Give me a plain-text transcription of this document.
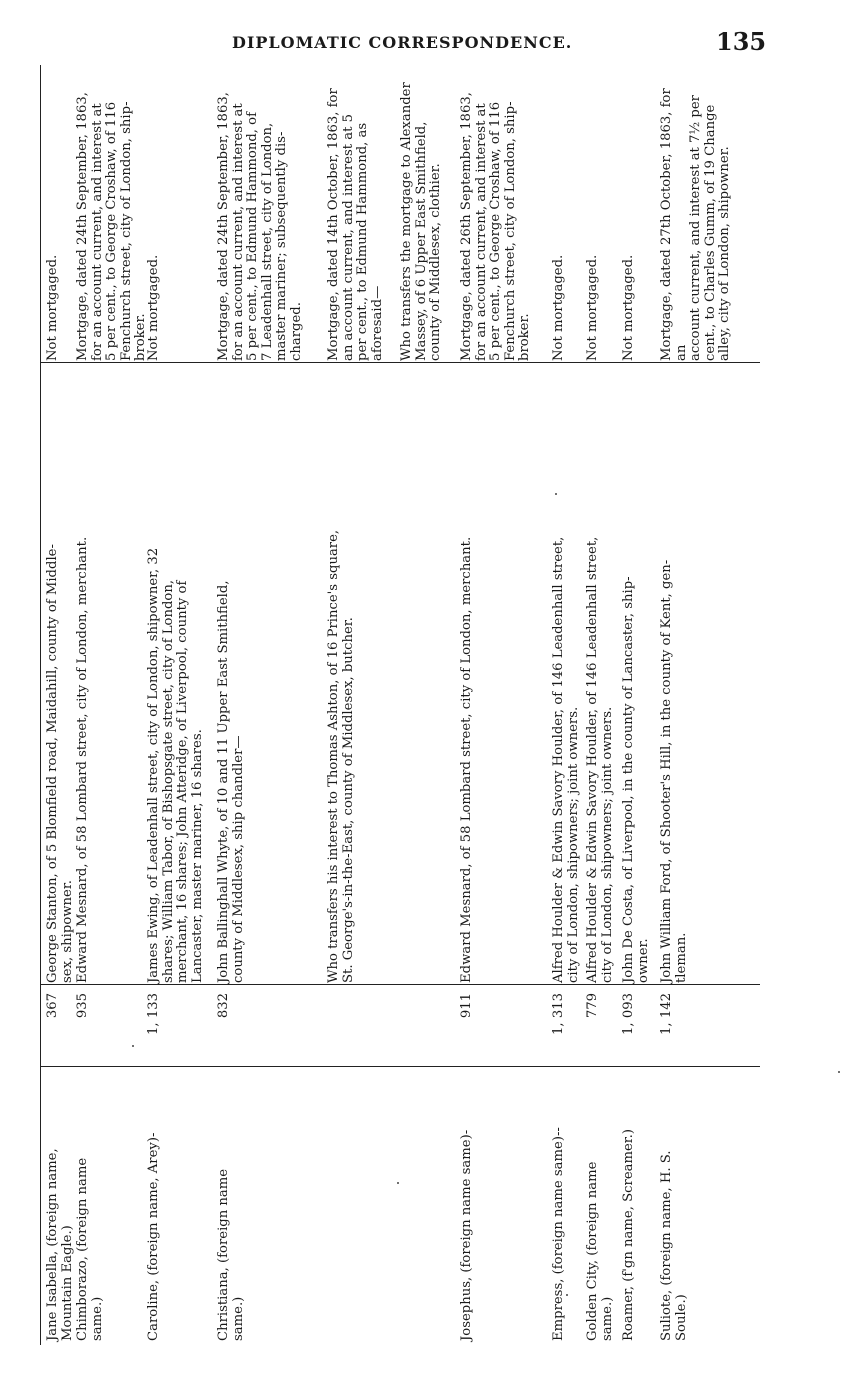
DIPLOMATIC CORRESPONDENCE.	135
Jane Isabella, (foreign name,
Mountain Eagle.)
367
George Stanton, of 5 Blomfield road, Maidahill, county of Middle-
sex, shipowner.
Not mortgaged.
Chimborazo, (foreign name
same.)
935
Edward Mesnard, of 58 Lombard street, city of London, merchant.
Mortgage, dated 24th September, 1863,
for an account current, and interest at
5 per cent., to George Croshaw, of 116
Fenchurch street, city of London, ship-
broker.
Caroline, (foreign name, Arey)-
1, 133
James Ewing, of Leadenhall street, city of London, shipowner, 32
shares; William Tabor, of Bishopsgate street, city of London,
merchant, 16 shares; John Atteridge, of Liverpool, county of
Lancaster, master mariner, 16 shares.
Not mortgaged.
Christiana, (foreign name
same.)
832
John Ballinghall Whyte, of 10 and 11 Upper East Smithfield,
county of Middlesex, ship chandler—
Mortgage, dated 24th September, 1863,
for an account current, and interest at
5 per cent., to Edmund Hammond, of
7 Leadenhall street, city of London,
master mariner; subsequently dis-
charged.
Who transfers his interest to Thomas Ashton, of 16 Prince's square,
St. George's-in-the-East, county of Middlesex, butcher.
Mortgage, dated 14th October, 1863, for
an account current, and interest at 5
per cent., to Edmund Hammond, as
aforesaid— Who transfers the mortgage to Alexander
Massey, of 6 Upper East Smithfield,
county of Middlesex, clothier.
Josephus, (foreign name same)-
911
Edward Mesnard, of 58 Lombard street, city of London, merchant.
Mortgage, dated 26th September, 1863,
for an account current, and interest at
5 per cent., to George Croshaw, of 116
Fenchurch street, city of London, ship-
broker.
Empress, (foreign name same)--
1, 313
Alfred Houlder & Edwin Savory Houlder, of 146 Leadenhall street,
city of London, shipowners; joint owners.
Not mortgaged.
Golden City, (foreign name
same.)
779
Alfred Houlder & Edwin Savory Houlder, of 146 Leadenhall street,
city of London, shipowners; joint owners.
Not mortgaged.
Roamer, (f'gn name, Screamer.)
1, 093
John De Costa, of Liverpool, in the county of Lancaster, ship-
owner.
Not mortgaged.
Suliote, (foreign name, H. S.
Soule.)
1, 142
John William Ford, of Shooter's Hill, in the county of Kent, gen-
tleman.
Mortgage, dated 27th October, 1863, for an
account current, and interest at 7½ per
cent., to Charles Gumm, of 19 Change
alley, city of London, shipowner.
